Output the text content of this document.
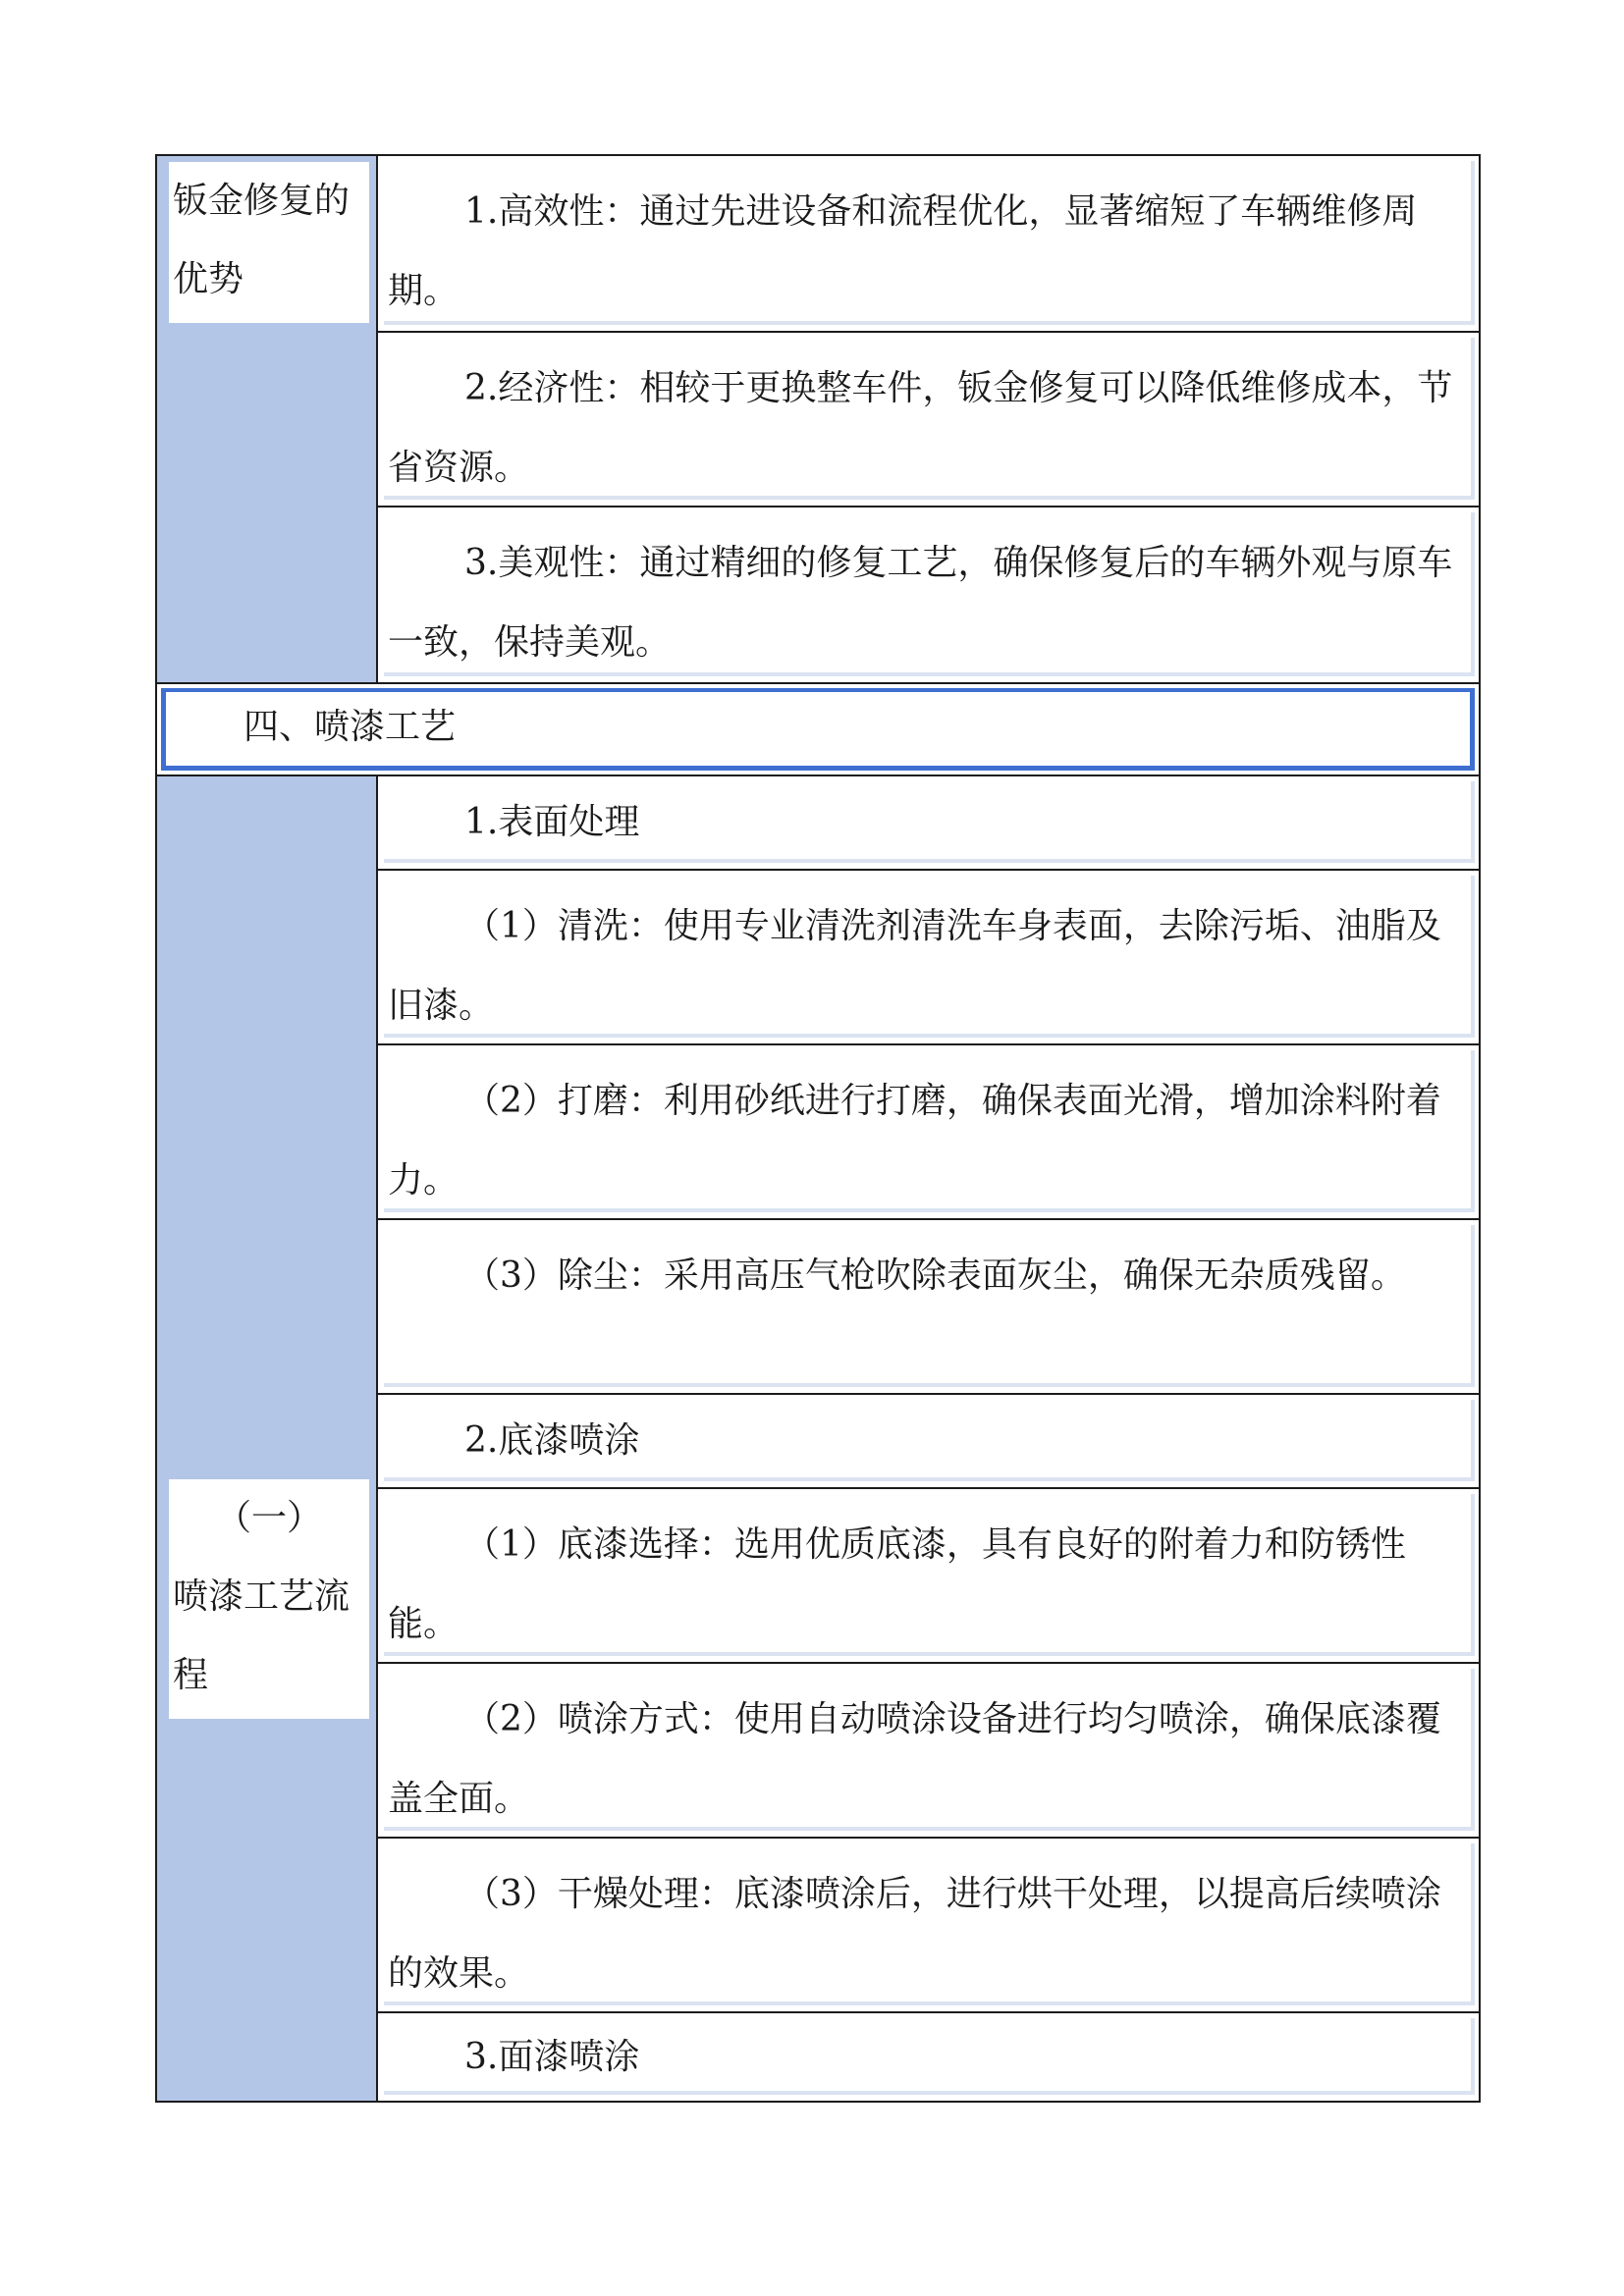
钣金修复的优势
1.高效性：通过先进设备和流程优化，显著缩短了车辆维修周期。
2.经济性：相较于更换整车件，钣金修复可以降低维修成本，节省资源。
3.美观性：通过精细的修复工艺，确保修复后的车辆外观与原车一致，保持美观。
四、喷漆工艺
（一）
喷漆工艺流程
1.表面处理
（1）清洗：使用专业清洗剂清洗车身表面，去除污垢、油脂及旧漆。
（2）打磨：利用砂纸进行打磨，确保表面光滑，增加涂料附着力。
（3）除尘：采用高压气枪吹除表面灰尘，确保无杂质残留。
2.底漆喷涂
（1）底漆选择：选用优质底漆，具有良好的附着力和防锈性能。
（2）喷涂方式：使用自动喷涂设备进行均匀喷涂，确保底漆覆盖全面。
（3）干燥处理：底漆喷涂后，进行烘干处理，以提高后续喷涂的效果。
3.面漆喷涂
